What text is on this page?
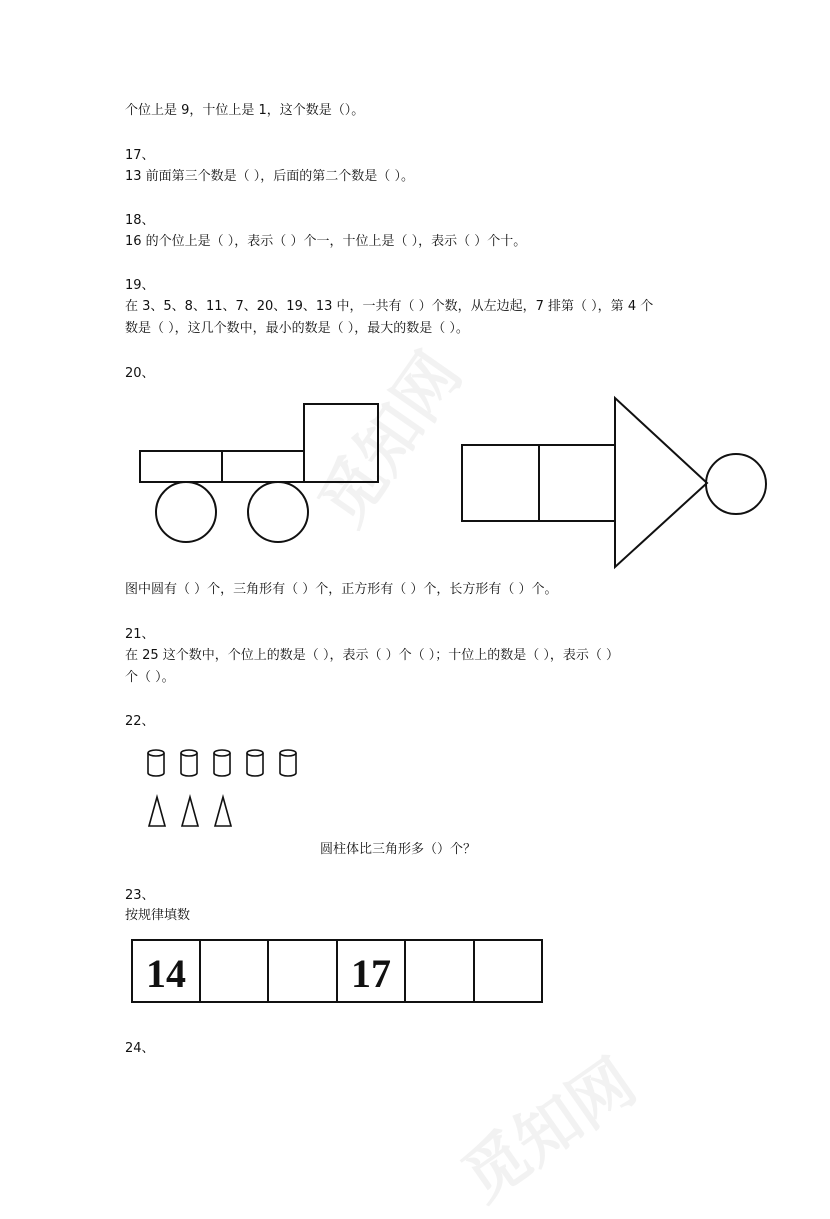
觅知网
觅知网
个位上是 9，十位上是 1，这个数是（）。
17、
13 前面第三个数是（ ），后面的第二个数是（ ）。
18、
16 的个位上是（ ），表示（ ）个一，十位上是（ ），表示（ ）个十。
19、
在 3、5、8、11、7、20、19、13 中，一共有（ ）个数，从左边起，7 排第（ ），第 4 个
数是（ ），这几个数中，最小的数是（ ），最大的数是（ ）。
20、
14	17
图中圆有（ ）个，三角形有（ ）个，正方形有（ ）个，长方形有（ ）个。
21、
在 25 这个数中，个位上的数是（ ），表示（ ）个（ ）；十位上的数是（ ），表示（ ）
个（ ）。
22、
圆柱体比三角形多（）个？
23、
按规律填数
24、
